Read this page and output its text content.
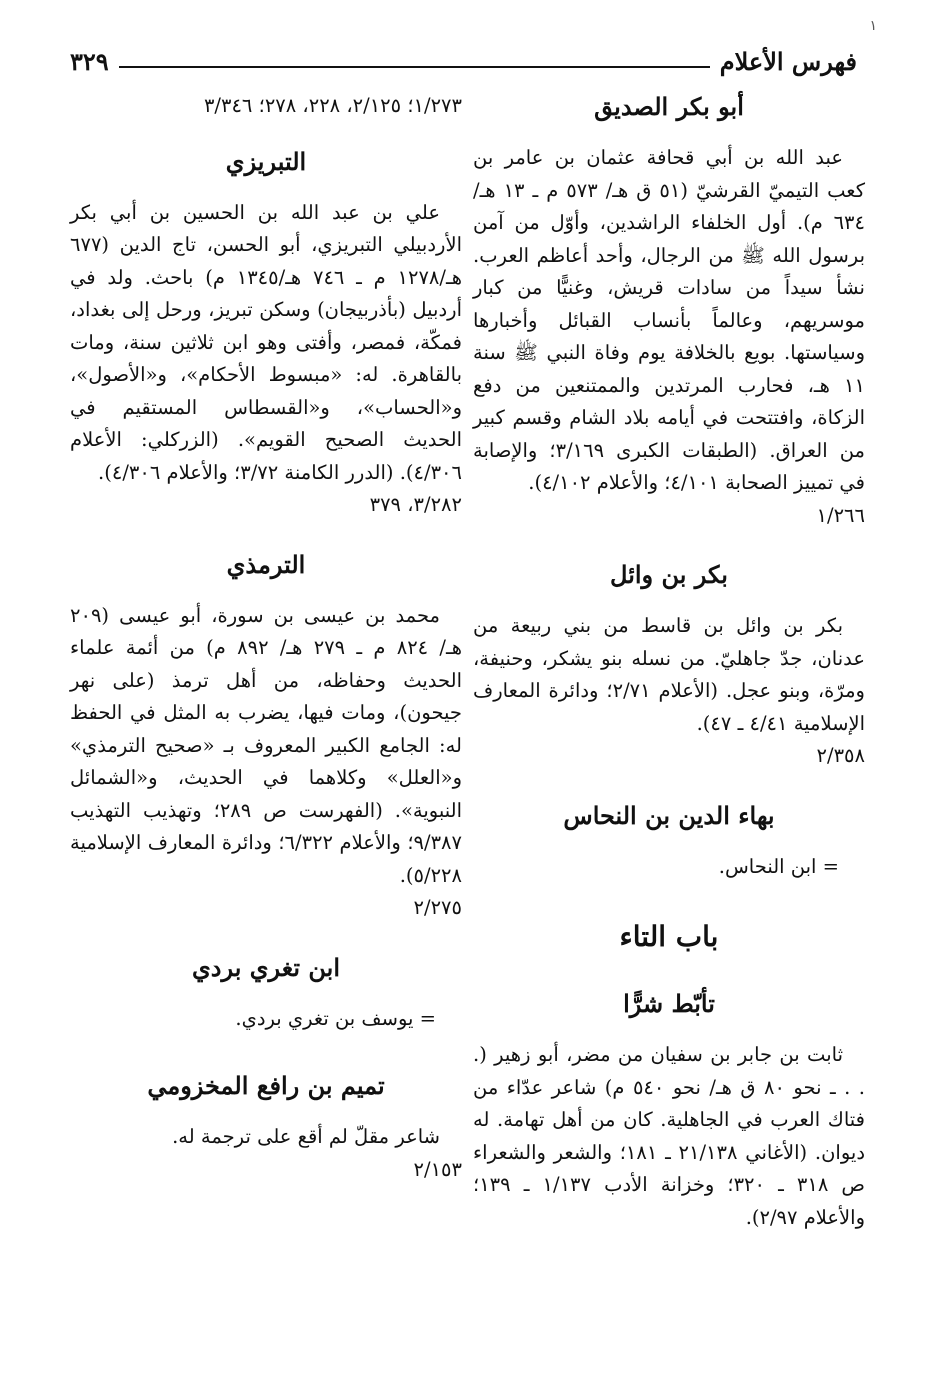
١
فهرس الأعلام
٣٢٩
أبو بكر الصديق

عبد الله بن أبي قحافة عثمان بن عامر بن كعب التيميّ القرشيّ (٥١ ق هـ/ ٥٧٣ م ـ ١٣ هـ/ ٦٣٤ م). أول الخلفاء الراشدين، وأوّل من آمن برسول الله ﷺ من الرجال، وأحد أعاظم العرب. نشأ سيداً من سادات قريش، وغنيًّا من كبار موسريهم، وعالماً بأنساب القبائل وأخبارها وسياستها. بويع بالخلافة يوم وفاة النبي ﷺ سنة ١١ هـ، فحارب المرتدين والممتنعين من دفع الزكاة، وافتتحت في أيامه بلاد الشام وقسم كبير من العراق. (الطبقات الكبرى ٣/١٦٩؛ والإصابة في تمييز الصحابة ٤/١٠١؛ والأعلام ٤/١٠٢).

١/٢٦٦

بكر بن وائل

بكر بن وائل بن قاسط من بني ربيعة من عدنان، جدّ جاهليّ. من نسله بنو يشكر، وحنيفة، ومرّة، وبنو عجل. (الأعلام ٢/٧١؛ ودائرة المعارف الإسلامية ٤/٤١ ـ ٤٧).

٢/٣٥٨

بهاء الدين بن النحاس

= ابن النحاس.

باب التاء
تأبّط شرًّا

ثابت بن جابر بن سفيان من مضر، أبو زهير (. . . ـ نحو ٨٠ ق هـ/ نحو ٥٤٠ م) شاعر عدّاء من فتاك العرب في الجاهلية. كان من أهل تهامة. له ديوان. (الأغاني ٢١/١٣٨ ـ ١٨١؛ والشعر والشعراء ص ٣١٨ ـ ٣٢٠؛ وخزانة الأدب ١/١٣٧ ـ ١٣٩؛ والأعلام ٢/٩٧).

١/٢٧٣؛ ٢/١٢٥، ٢٢٨، ٢٧٨؛ ٣/٣٤٦

التبريزي

علي بن عبد الله بن الحسين بن أبي بكر الأردبيلي التبريزي، أبو الحسن، تاج الدين (٦٧٧ هـ/١٢٧٨ م ـ ٧٤٦ هـ/١٣٤٥ م) باحث. ولد في أردبيل (بأذربيجان) وسكن تبريز، ورحل إلى بغداد، فمكّة، فمصر، وأفتى وهو ابن ثلاثين سنة، ومات بالقاهرة. له: «مبسوط الأحكام»، و«الأصول»، و«الحساب»، و«القسطاس المستقيم في الحديث الصحيح القويم». (الزركلي: الأعلام ٤/٣٠٦). (الدرر الكامنة ٣/٧٢؛ والأعلام ٤/٣٠٦).

٣/٢٨٢، ٣٧٩

الترمذي

محمد بن عيسى بن سورة، أبو عيسى (٢٠٩ هـ/ ٨٢٤ م ـ ٢٧٩ هـ/ ٨٩٢ م) من أئمة علماء الحديث وحفاظه، من أهل ترمذ (على نهر جيحون)، ومات فيها، يضرب به المثل في الحفظ له: الجامع الكبير المعروف بـ «صحيح الترمذي» و«العلل» وكلاهما في الحديث، و«الشمائل النبوية». (الفهرست ص ٢٨٩؛ وتهذيب التهذيب ٩/٣٨٧؛ والأعلام ٦/٣٢٢؛ ودائرة المعارف الإسلامية ٥/٢٢٨).

٢/٢٧٥

ابن تغري بردي

= يوسف بن تغري بردي.

تميم بن رافع المخزومي

شاعر مقلّ لم أقع على ترجمة له.

٢/١٥٣
